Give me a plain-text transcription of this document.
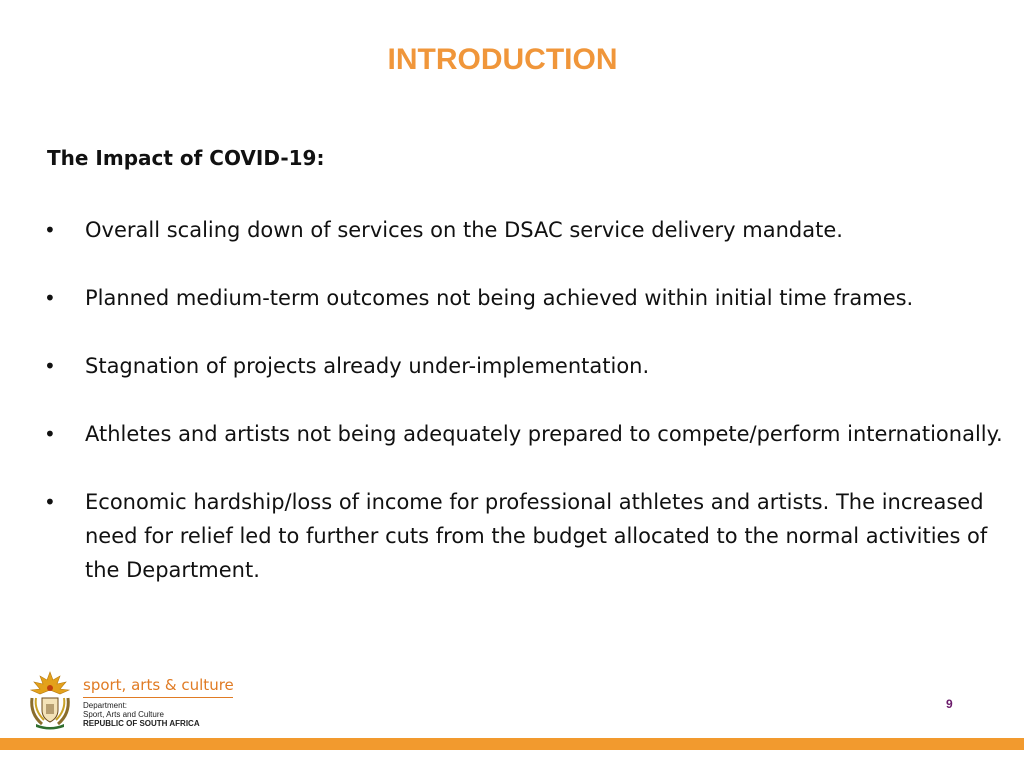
INTRODUCTION
The Impact of COVID-19:
• Overall scaling down of services on the DSAC service delivery mandate.
• Planned medium-term outcomes not being achieved within initial time frames.
• Stagnation of projects already under-implementation.
• Athletes and artists not being adequately prepared to compete/perform internationally.
• Economic hardship/loss of income for professional athletes and artists. The increased need for relief led to further cuts from the budget allocated to the normal activities of the Department.
sport, arts & culture
Department:
Sport, Arts and Culture
REPUBLIC OF SOUTH AFRICA
9
